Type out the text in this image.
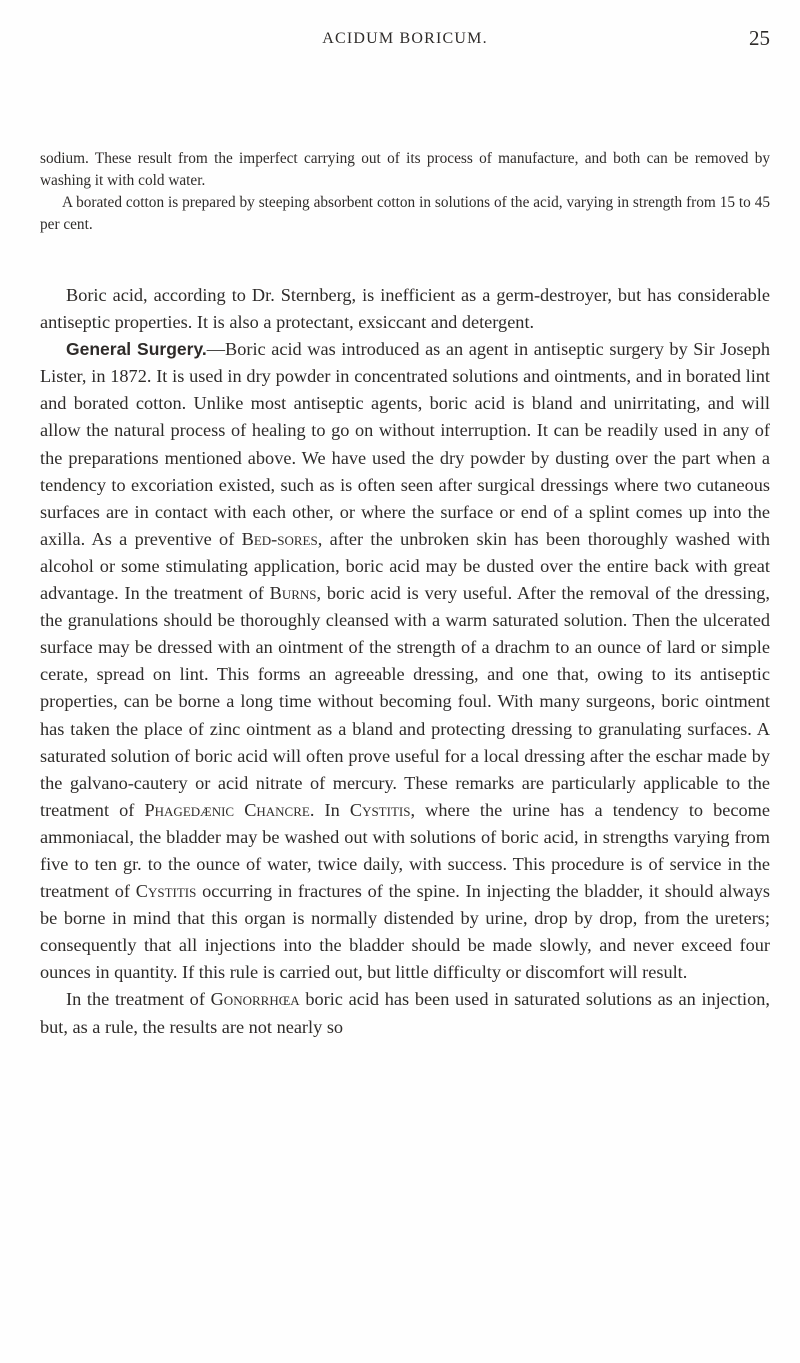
ACIDUM BORICUM.	25

sodium. These result from the imperfect carrying out of its process of manufacture, and both can be removed by washing it with cold water.

A borated cotton is prepared by steeping absorbent cotton in solutions of the acid, varying in strength from 15 to 45 per cent.

Boric acid, according to Dr. Sternberg, is inefficient as a germ-destroyer, but has considerable antiseptic properties. It is also a protectant, exsiccant and detergent.

General Surgery.—Boric acid was introduced as an agent in antiseptic surgery by Sir Joseph Lister, in 1872. It is used in dry powder in concentrated solutions and ointments, and in borated lint and borated cotton. Unlike most antiseptic agents, boric acid is bland and unirritating, and will allow the natural process of healing to go on without interruption. It can be readily used in any of the preparations mentioned above. We have used the dry powder by dusting over the part when a tendency to excoriation existed, such as is often seen after surgical dressings where two cutaneous surfaces are in contact with each other, or where the surface or end of a splint comes up into the axilla. As a preventive of Bed-sores, after the unbroken skin has been thoroughly washed with alcohol or some stimulating application, boric acid may be dusted over the entire back with great advantage. In the treatment of Burns, boric acid is very useful. After the removal of the dressing, the granulations should be thoroughly cleansed with a warm saturated solution. Then the ulcerated surface may be dressed with an ointment of the strength of a drachm to an ounce of lard or simple cerate, spread on lint. This forms an agreeable dressing, and one that, owing to its antiseptic properties, can be borne a long time without becoming foul. With many surgeons, boric ointment has taken the place of zinc ointment as a bland and protecting dressing to granulating surfaces. A saturated solution of boric acid will often prove useful for a local dressing after the eschar made by the galvano-cautery or acid nitrate of mercury. These remarks are particularly applicable to the treatment of Phagedænic Chancre. In Cystitis, where the urine has a tendency to become ammoniacal, the bladder may be washed out with solutions of boric acid, in strengths varying from five to ten gr. to the ounce of water, twice daily, with success. This procedure is of service in the treatment of Cystitis occurring in fractures of the spine. In injecting the bladder, it should always be borne in mind that this organ is normally distended by urine, drop by drop, from the ureters; consequently that all injections into the bladder should be made slowly, and never exceed four ounces in quantity. If this rule is carried out, but little difficulty or discomfort will result.

In the treatment of Gonorrhœa boric acid has been used in saturated solutions as an injection, but, as a rule, the results are not nearly so
